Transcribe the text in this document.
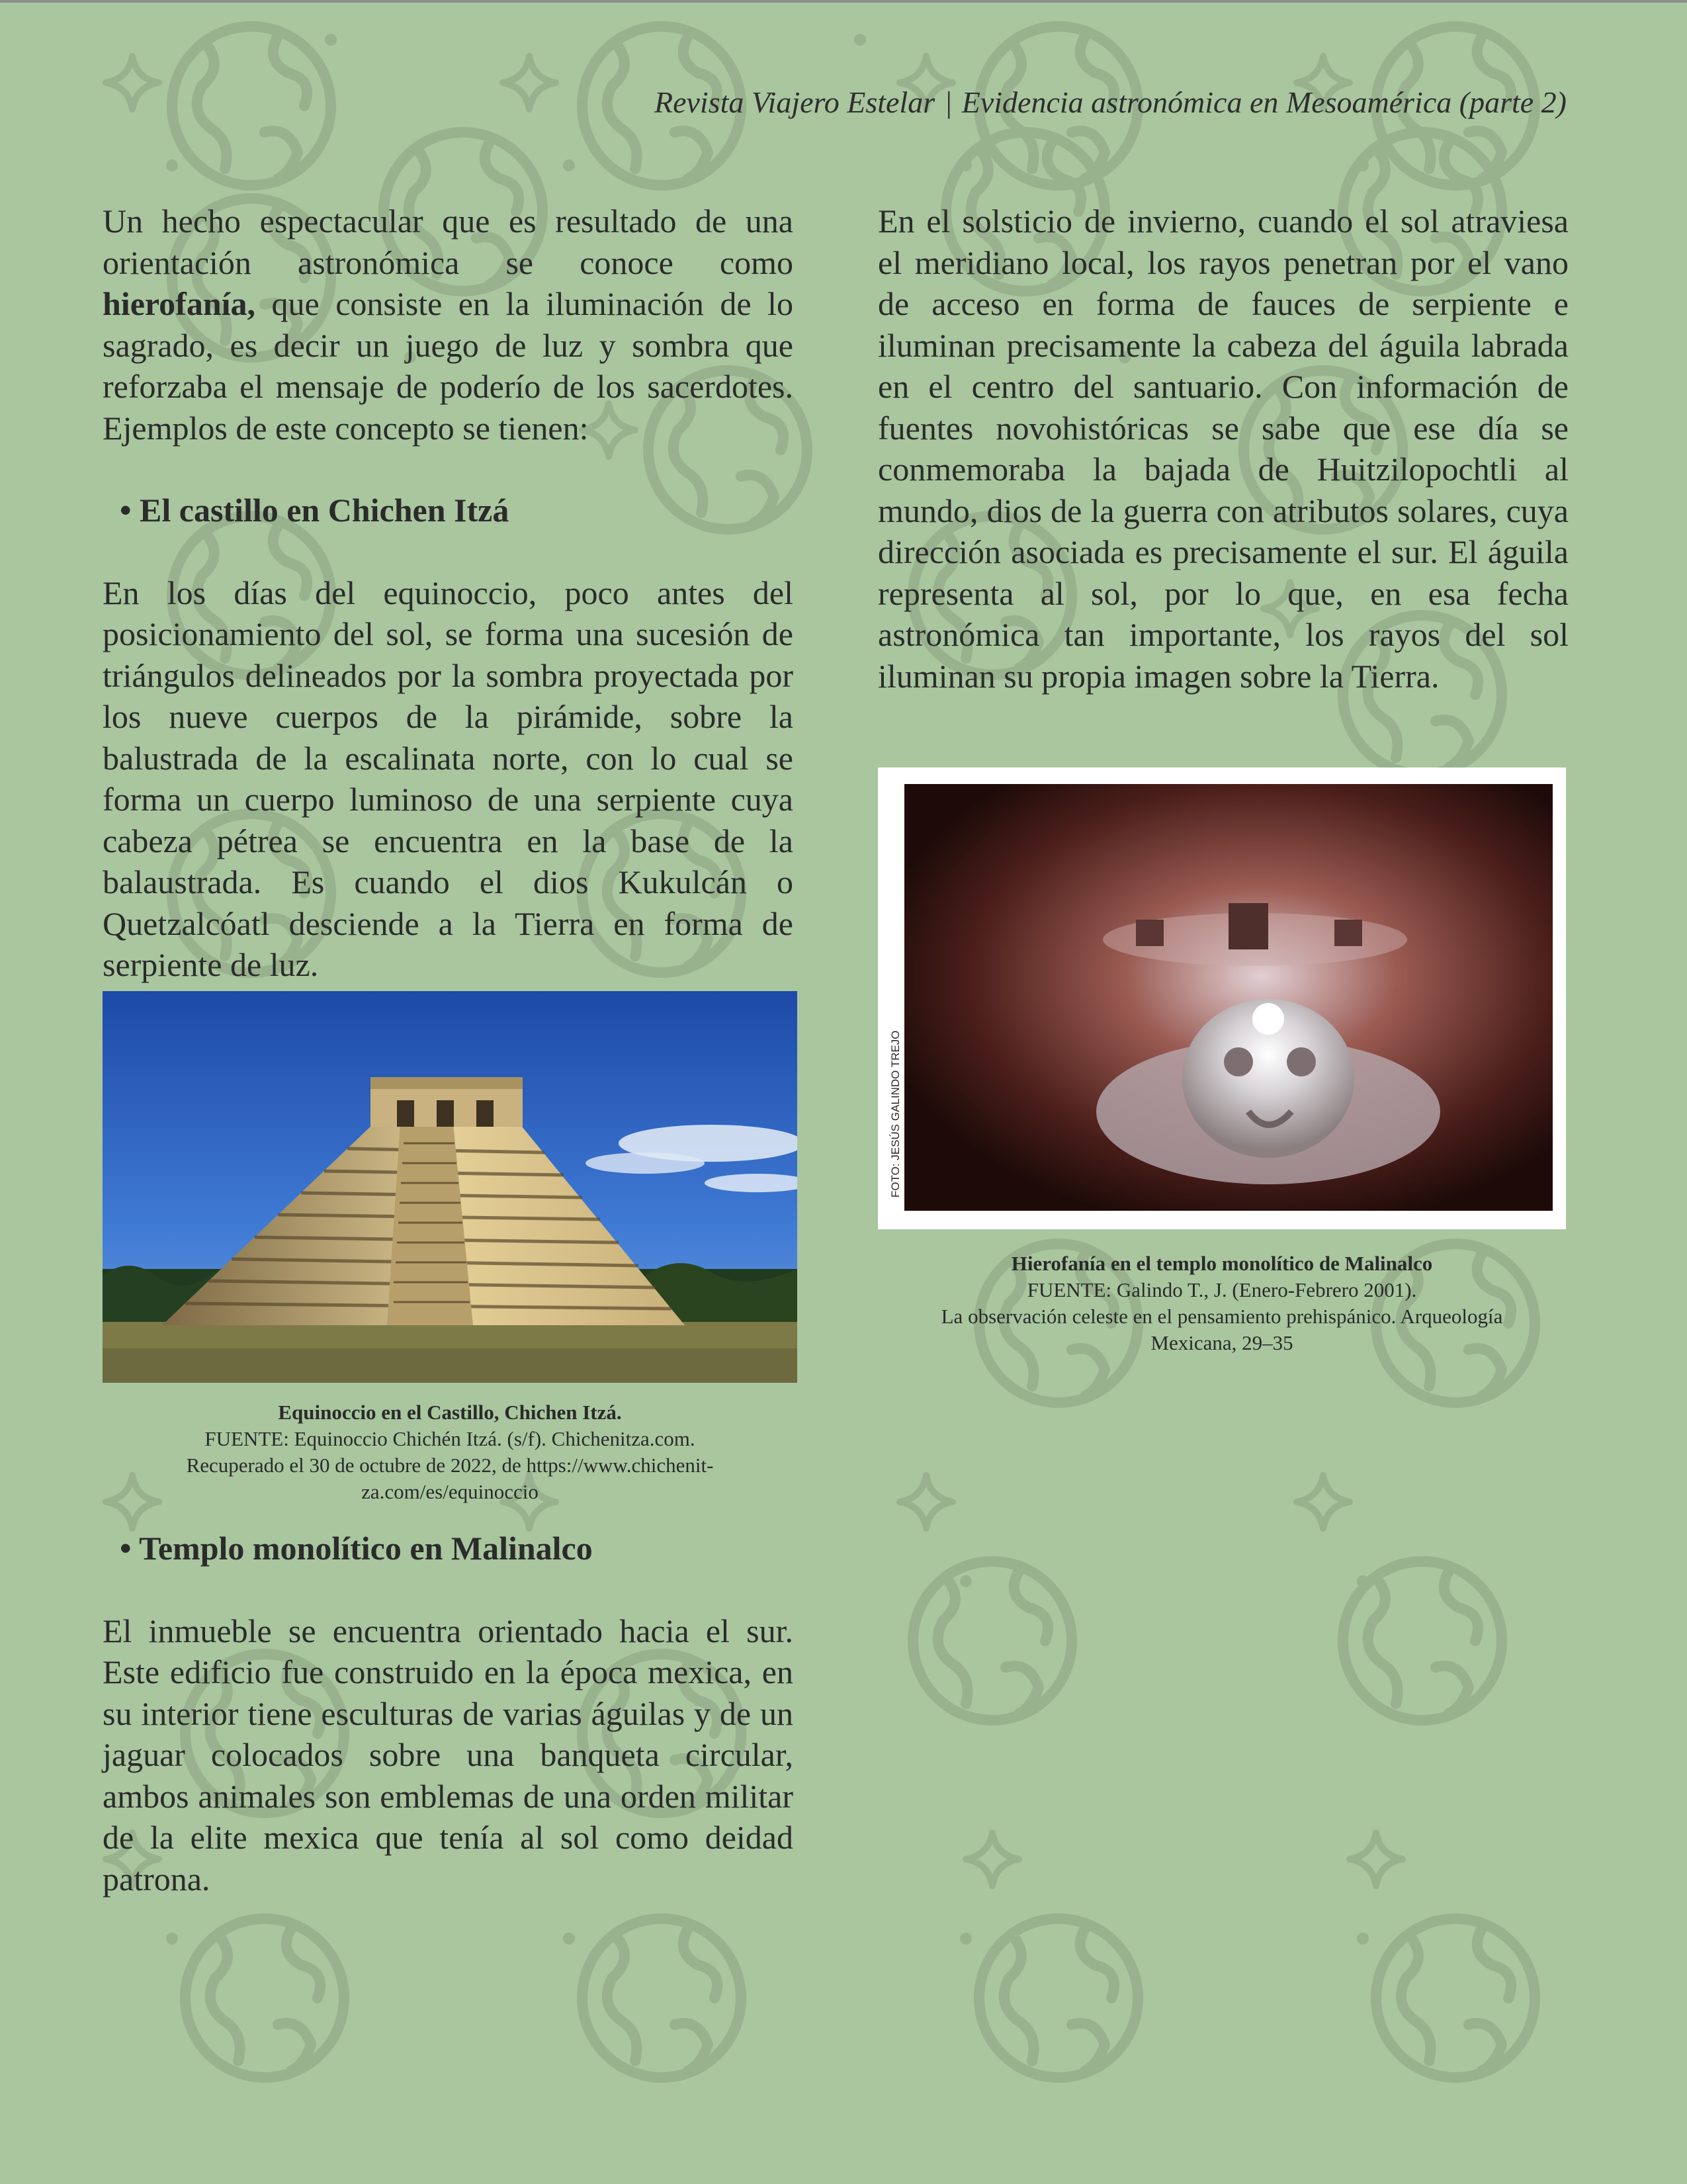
Revista Viajero Estelar | Evidencia astronómica en Mesoamérica (parte 2)

Un hecho espectacular que es resultado de una orientación astronómica se conoce como hierofanía, que consiste en la iluminación de lo sagrado, es decir un juego de luz y sombra que reforzaba el mensaje de poderío de los sacerdotes. Ejemplos de este concepto se tienen:

• El castillo en Chichen Itzá

En los días del equinoccio, poco antes del posicionamiento del sol, se forma una sucesión de triángulos delineados por la sombra proyectada por los nueve cuerpos de la pirámide, sobre la balustrada de la escalinata norte, con lo cual se forma un cuerpo luminoso de una serpiente cuya cabeza pétrea se encuentra en la base de la balaustrada. Es cuando el dios Kukulcán o Quetzalcóatl desciende a la Tierra en forma de serpiente de luz.

Equinoccio en el Castillo, Chichen Itzá.
FUENTE: Equinoccio Chichén Itzá. (s/f). Chichenitza.com.
Recuperado el 30 de octubre de 2022, de https://www.chichenit-
za.com/es/equinoccio

• Templo monolítico en Malinalco

El inmueble se encuentra orientado hacia el sur. Este edificio fue construido en la época mexica, en su interior tiene esculturas de varias águilas y de un jaguar colocados sobre una banqueta circular, ambos animales son emblemas de una orden militar de la elite mexica que tenía al sol como deidad patrona.

En el solsticio de invierno, cuando el sol atraviesa el meridiano local, los rayos penetran por el vano de acceso en forma de fauces de serpiente e iluminan precisamente la cabeza del águila labrada en el centro del santuario. Con información de fuentes novohistóricas se sabe que ese día se conmemoraba la bajada de Huitzilopochtli al mundo, dios de la guerra con atributos solares, cuya dirección asociada es precisamente el sur. El águila representa al sol, por lo que, en esa fecha astronómica tan importante, los rayos del sol iluminan su propia imagen sobre la Tierra.

FOTO: JESÚS GALINDO TREJO
Hierofanía en el templo monolítico de Malinalco
FUENTE: Galindo T., J. (Enero-Febrero 2001).
La observación celeste en el pensamiento prehispánico. Arqueología
Mexicana, 29–35
